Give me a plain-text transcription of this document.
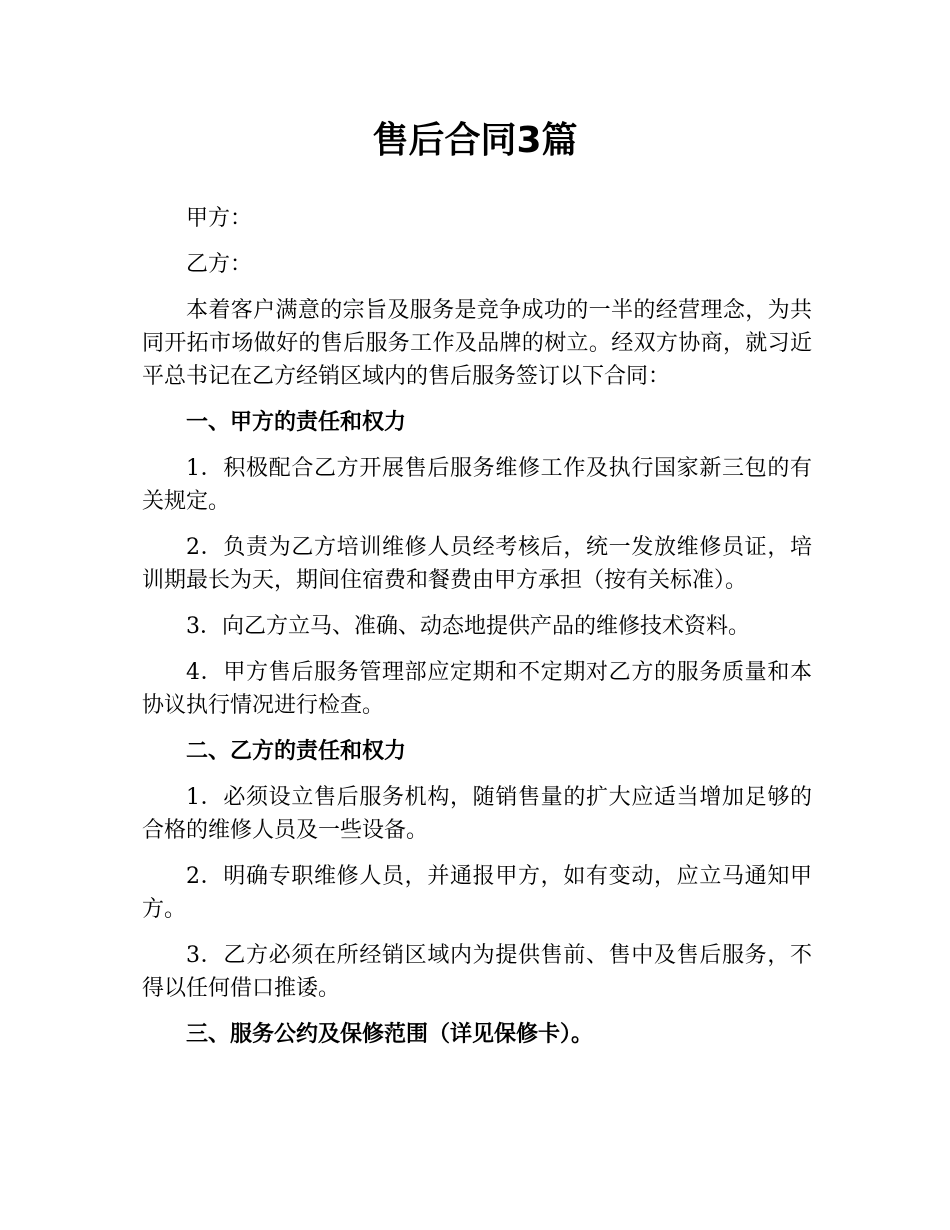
售后合同3篇

甲方：

乙方：

本着客户满意的宗旨及服务是竞争成功的一半的经营理念，为共同开拓市场做好的售后服务工作及品牌的树立。经双方协商，就习近平总书记在乙方经销区域内的售后服务签订以下合同：

一、甲方的责任和权力

1．积极配合乙方开展售后服务维修工作及执行国家新三包的有关规定。

2．负责为乙方培训维修人员经考核后，统一发放维修员证，培训期最长为天，期间住宿费和餐费由甲方承担（按有关标准）。

3．向乙方立马、准确、动态地提供产品的维修技术资料。

4．甲方售后服务管理部应定期和不定期对乙方的服务质量和本协议执行情况进行检查。

二、乙方的责任和权力

1．必须设立售后服务机构，随销售量的扩大应适当增加足够的合格的维修人员及一些设备。

2．明确专职维修人员，并通报甲方，如有变动，应立马通知甲方。

3．乙方必须在所经销区域内为提供售前、售中及售后服务，不得以任何借口推诿。

三、服务公约及保修范围（详见保修卡）。
